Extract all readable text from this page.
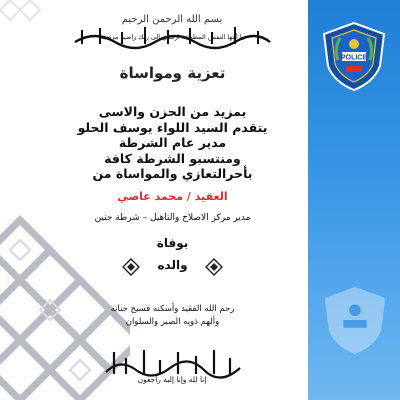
POLICE
بسم الله الرحمن الرحيم
يا أيتها النفس المطمئنة ارجعي إلى ربك راضية مرضية
تعزية ومواساة
بمزيد من الحزن والاسى
يتقدم السيد اللواء يوسف الحلو
مدير عام الشرطة
ومنتسبو الشرطة كافة
بأحرالتعازي والمواساة من
العقيد / محمد عاصي
مدير مركز الاصلاح والتاهيل – شرطة جنين
بوفاة
والده
رحم الله الفقيد وأسكنه فسيح جنانه
وألهم ذويه الصبر والسلوان
إنا لله وإنا إليه راجعون
